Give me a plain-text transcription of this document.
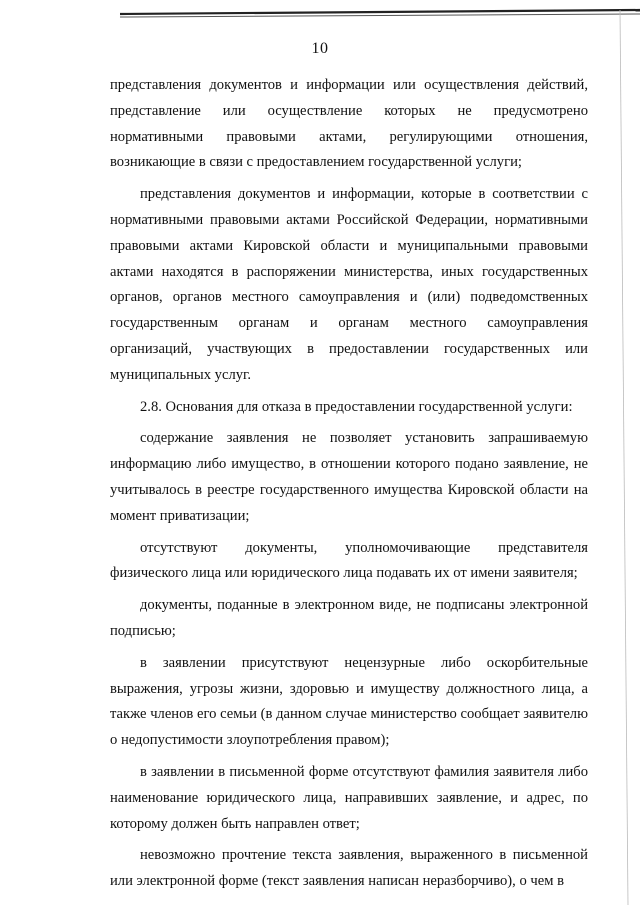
10

представления документов и информации или осуществления действий, представление или осуществление которых не предусмотрено нормативными правовыми актами, регулирующими отношения, возникающие в связи с предоставлением государственной услуги;

представления документов и информации, которые в соответствии с нормативными правовыми актами Российской Федерации, нормативными правовыми актами Кировской области и муниципальными правовыми актами находятся в распоряжении министерства, иных государственных органов, органов местного самоуправления и (или) подведомственных государственным органам и органам местного самоуправления организаций, участвующих в предоставлении государственных или муниципальных услуг.

2.8. Основания для отказа в предоставлении государственной услуги:

содержание заявления не позволяет установить запрашиваемую информацию либо имущество, в отношении которого подано заявление, не учитывалось в реестре государственного имущества Кировской области на момент приватизации;

отсутствуют документы, уполномочивающие представителя физического лица или юридического лица подавать их от имени заявителя;

документы, поданные в электронном виде, не подписаны электронной подписью;

в заявлении присутствуют нецензурные либо оскорбительные выражения, угрозы жизни, здоровью и имуществу должностного лица, а также членов его семьи (в данном случае министерство сообщает заявителю о недопустимости злоупотребления правом);

в заявлении в письменной форме отсутствуют фамилия заявителя либо наименование юридического лица, направивших заявление, и адрес, по которому должен быть направлен ответ;

невозможно прочтение текста заявления, выраженного в письменной или электронной форме (текст заявления написан неразборчиво), о чем в
